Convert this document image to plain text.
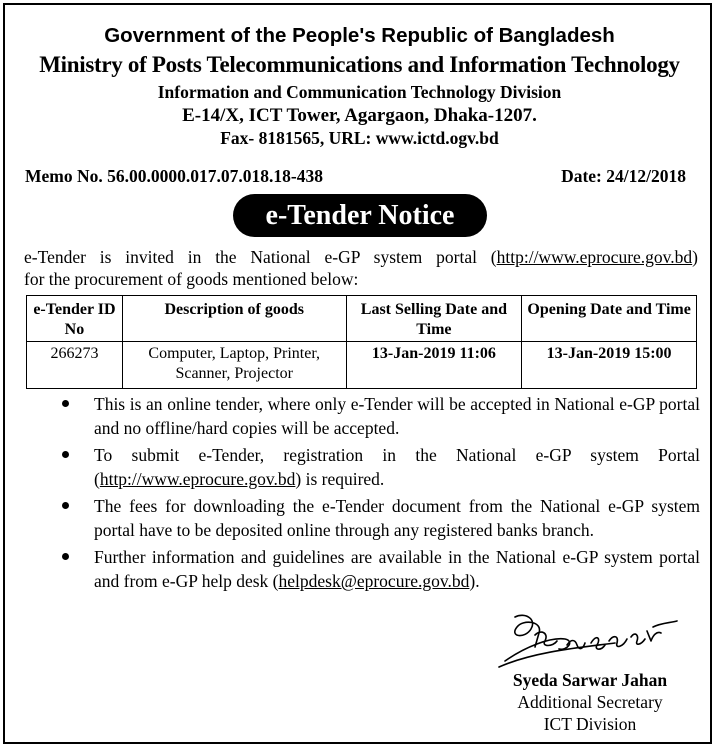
Government of the People's Republic of Bangladesh
Ministry of Posts Telecommunications and Information Technology
Information and Communication Technology Division
E-14/X, ICT Tower, Agargaon, Dhaka-1207.
Fax- 8181565, URL: www.ictd.ogv.bd
Memo No. 56.00.0000.017.07.018.18-438	Date: 24/12/2018
e-Tender Notice
e-Tender is invited in the National e-GP system portal (http://www.eprocure.gov.bd)
for the procurement of goods mentioned below:
e-Tender ID No	Description of goods	Last Selling Date and Time	Opening Date and Time
266273	Computer, Laptop, Printer, Scanner, Projector	13-Jan-2019 11:06	13-Jan-2019 15:00
This is an online tender, where only e-Tender will be accepted in National e-GP portal and no offline/hard copies will be accepted.
To submit e-Tender, registration in the National e-GP system Portal (http://www.eprocure.gov.bd) is required.
The fees for downloading the e-Tender document from the National e-GP system portal have to be deposited online through any registered banks branch.
Further information and guidelines are available in the National e-GP system portal and from e-GP help desk (helpdesk@eprocure.gov.bd).
Syeda Sarwar Jahan
Additional Secretary
ICT Division
